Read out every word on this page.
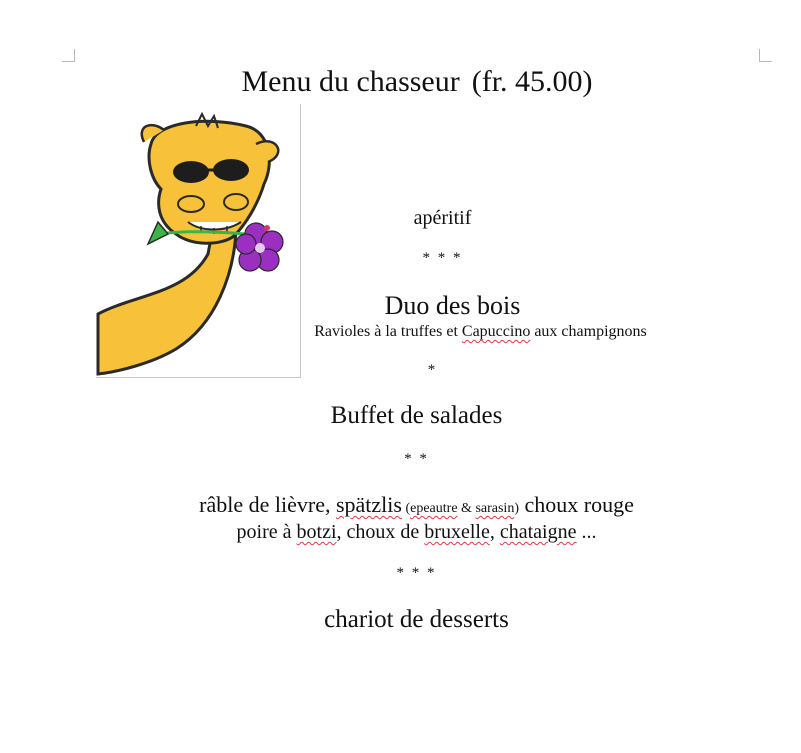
Menu du chasseur (fr. 45.00)
apéritif
* * *
Duo des bois
Ravioles à la truffes et Capuccino aux champignons
*
Buffet de salades
* *
râble de lièvre, spätzlis (epeautre & sarasin) choux rouge
poire à botzi, choux de bruxelle, chataigne ...
* * *
chariot de desserts
